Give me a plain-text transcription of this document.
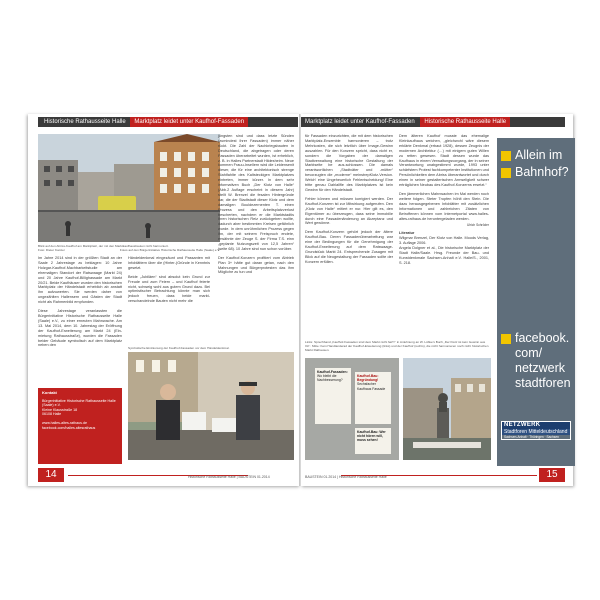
Historische Rathausseite Halle Marktplatz leidet unter Kaufhof-Fassaden
Blick auf den Abriss-Kaufhof am Marktplatz, der mit den Marktkaufhausbauten nicht harmoniert.
Foto: Dieter Kamler	Fotos auf den Bürgerinitiative Historische Rathausseite Halle (Saale) e.V.

Im Jahre 2014 sind in der größten Stadt an der Saale 2 Jahrestage zu beklagen: 10 Jahre Holzgar-Kaufhof-Machbarkeitstudie am ehemaligen Standort der Ratswaage (Markt 24) und 20 Jahre Kaufhof-Billighassade am Markt 20/21. Beide Kaufhäuser wurden den historischen Marktplatz der Händelstadt erheblich ab anstatt ihn aufzuwerten. Sie werden daher von ungezählten Hallensern und Gästen der Stadt nicht als Rahmenbild empfunden.

Diese Jahrestage veranlassten die Bürgerinitiative Historische Rathausseite Halle (Saale) e.V., zu einer erneuten Mahnwache. Am 13. Mai 2014, dem 10. Jahrestag der Eröffnung der Kaufhof-Erweiterung am Markt 24 (Ein-mietung Rathausstraße), wurden die Fassaden beider Gebäude symbolisch auf dem Marktplatz neben den

Kontakt
Bürgerinitiative Historische Rathausseite Halle (Saale) e.V.
Kleine Klausstraße 18
06108 Halle
www.halles-altes-rathaus.de
facebook.com/halles.altesrathaus

Händeldenkmal eingezäunt und Passanten mit Infoblättern über die (Hinter-)Gründe in Kenntnis gesetzt.

Beide „Jubiläen“ sind absolut kein Grund zur Freude und zum Feiern – und Kaufhof feierte nicht, schweig wohl aus gutem Grund dazu. Bei optimistischer Betrachtung könnte man sich jedoch freuen, dass beide markt-verschandelnde Bauten nicht mehr die

jüngsten sind und dass letzte Sünden (zumindest ihrer Fassaden) immer näher rückt. Die Zahl der Nachkriegsbauten in Deutschland, die abgetragen oder deren Fassaden überarbeitet wurden, ist erheblich, z. B. in Halles Partnerstadt Hildesheim. Neue kommen Frauu-Insellern wird die Leidensenit dieser, die für eine architektonisch strenge Stahlfahlte des Kaltsteckigen Marktplatzes eintreten, immer kürzer. In dem sehr informativen Buch „Der Klotz von Halle“ (Abb.2 Auflage erscheint in diesem Jahr) stellt W. Brenzel die fesalen Hintergründe dar, die der Stadtstadt dieser Klotz und dem damaligen Bouldezernenten T. einen Prozess und den Arbeitsplatzverlust bescherten, nachdem er die Marktstadtis Ihren historischen Reiz zurückgeben wollte, dadurch aber bestimmten Kreisen gefährlich wurde. In dem unrühmlichen Prozess gegen ihn, der mit seinem Freispruch endete, erwähnte der Zeuge S. der Firma T.S. einn „geplante Nutzungszeit von 12,5 Jahren“ (seite 68). 10 Jahre sind nun schon vorüber.

Der Kaufhof-Konzern profitiert vom Abtrieb Plan 3+ hätte gut daran getan, nach den Mahnungen und Bürgerprotesten das ihm Mögliche zu tun und

Symbolische Einzäunung der Kaufhof-Fassaden vor dem Händeldenkmal.
14	Historische Rathausseite Halle | BAUSTEIN 01.2014
Marktplatz leidet unter Kaufhof-Fassaden Historische Rathausseite Halle

für Fassaden einzurichten, die mit dem historischen Marktplatz-Ensemble harmonieren – trotz Mehrkosten, die sich letztlich über Image-Gewinn auszahlen. Für den Konzern spricht, dass nicht er, sondern die Vorgaben der damaligen Stadtverwaltung eine historische Gestaltung der Marktseite be aus-schlossen. Die damals verantwortlichen „Stadtväter und -mütter“ bevorzugten die „moderne“ meinstrepKlotz-Version. Welch' eine Ungeheuerlich Fehlentscheidung! Eine tritte genau Dahlallfle des Marktplatzes ist kein Gewinn für den Händelstadt.

Fehler können und müssen korrigiert werden. Der Kaufhof-Konzern ist zur Mitwirkung aufgerufen. Den „Klotz von Halle“ mitiert er nur. Hier gilt es, den Eigentümer zu überzeugen, dass seine Immobilie durch eine Fassadenänderung an Akzeptanz und Wert gewönne.

Dem Kaufhof-Konzern gehört jedoch der ältere Kaufhof-Bau. Deren Fassadenüberarbeitung war eine der Bedingungen für die Genehmigung der Kaufhof-Erweiterung auf dem Ratswaage-Grundstück Markt 24. Entsprechende Zusagen mit Blick auf die Neugestaltung der Fassaden sollte der Konzern erfüllen.

Dem älteren Kaufhof musste das ehemalige Kleinkaufhaus weichen, „gleichwohl wäre diesem erklärte Denkmal (erbaut 1928), dessen Zeugnis der modernen Architektur (…) mit einigem guten Willen zu retten gewesen. Stadt dessen wurde das Kaufhaus in einem Verwaltungsvorgang, der in seiner Verantwortung unabgestimmt wurde, 1993 unter schärfstem Protest fachkompetenter Institutionen und Persönlichkeiten dem Abriss überantwortet und durch einen in seiner gestalterischen Armseligkeit schwer erträglichen Neubau des Kaufhof-Konzerns ersetzt.“

Den jämmerlichen Mahnwachen im Mai werden noch weitere folgen. Steter Tropfen höhlt den Stein. Die dazu herausgegebenen Infoblätter mit zusätzlichen Informationen und zahlreichen Zitaten von Betroffenen können vom Internetportal www.halles-altes-rathaus.de heruntergeladen werden.

Ulrich Schröder
Literatur
Wilgmar Brenzel, Der Klotz von Halle. Moods Verlag, 3. Auflage 2006.
Angela Dolgner et al., Die historische Marktplatz der Stadt Halle/Saale. Hrsg. Freunde der Bau- und Kunstdenkmale Sachsen-Anhalt e.V. Halle/S., 2001, S. 218.
Links: Sprechband „Kaufhof-Fassaden sind dem Markt nicht fair!!!“ in Anlehnung an W. Lübke's Buch „Der Klotz ist kein Gewinn aus Ort“. Mitte: Kein Handlanderad der Kaufhof-Erweiterung (links) und der Kaufhof (rechts), die nicht harmonieren noch nicht historischen Markt Rathausen.
Kaufhof-Fassaden:
Wo bleibt die Nachbesserung?
Kaufhof-Bau: Begründung!
Sechsfacher Kaufhaus Fassade
Kaufhof-Bau: Wer nicht hören will, muss sehen!
Allein im
Bahnhof?
facebook.
com/
netzwerk
stadtforen
NETZWERK
Stadtforen Mitteldeutschland
Sachsen-Anhalt · Thüringen · Sachsen
BAUSTEIN 01.2014 | Historische Rathausseite Halle	15
